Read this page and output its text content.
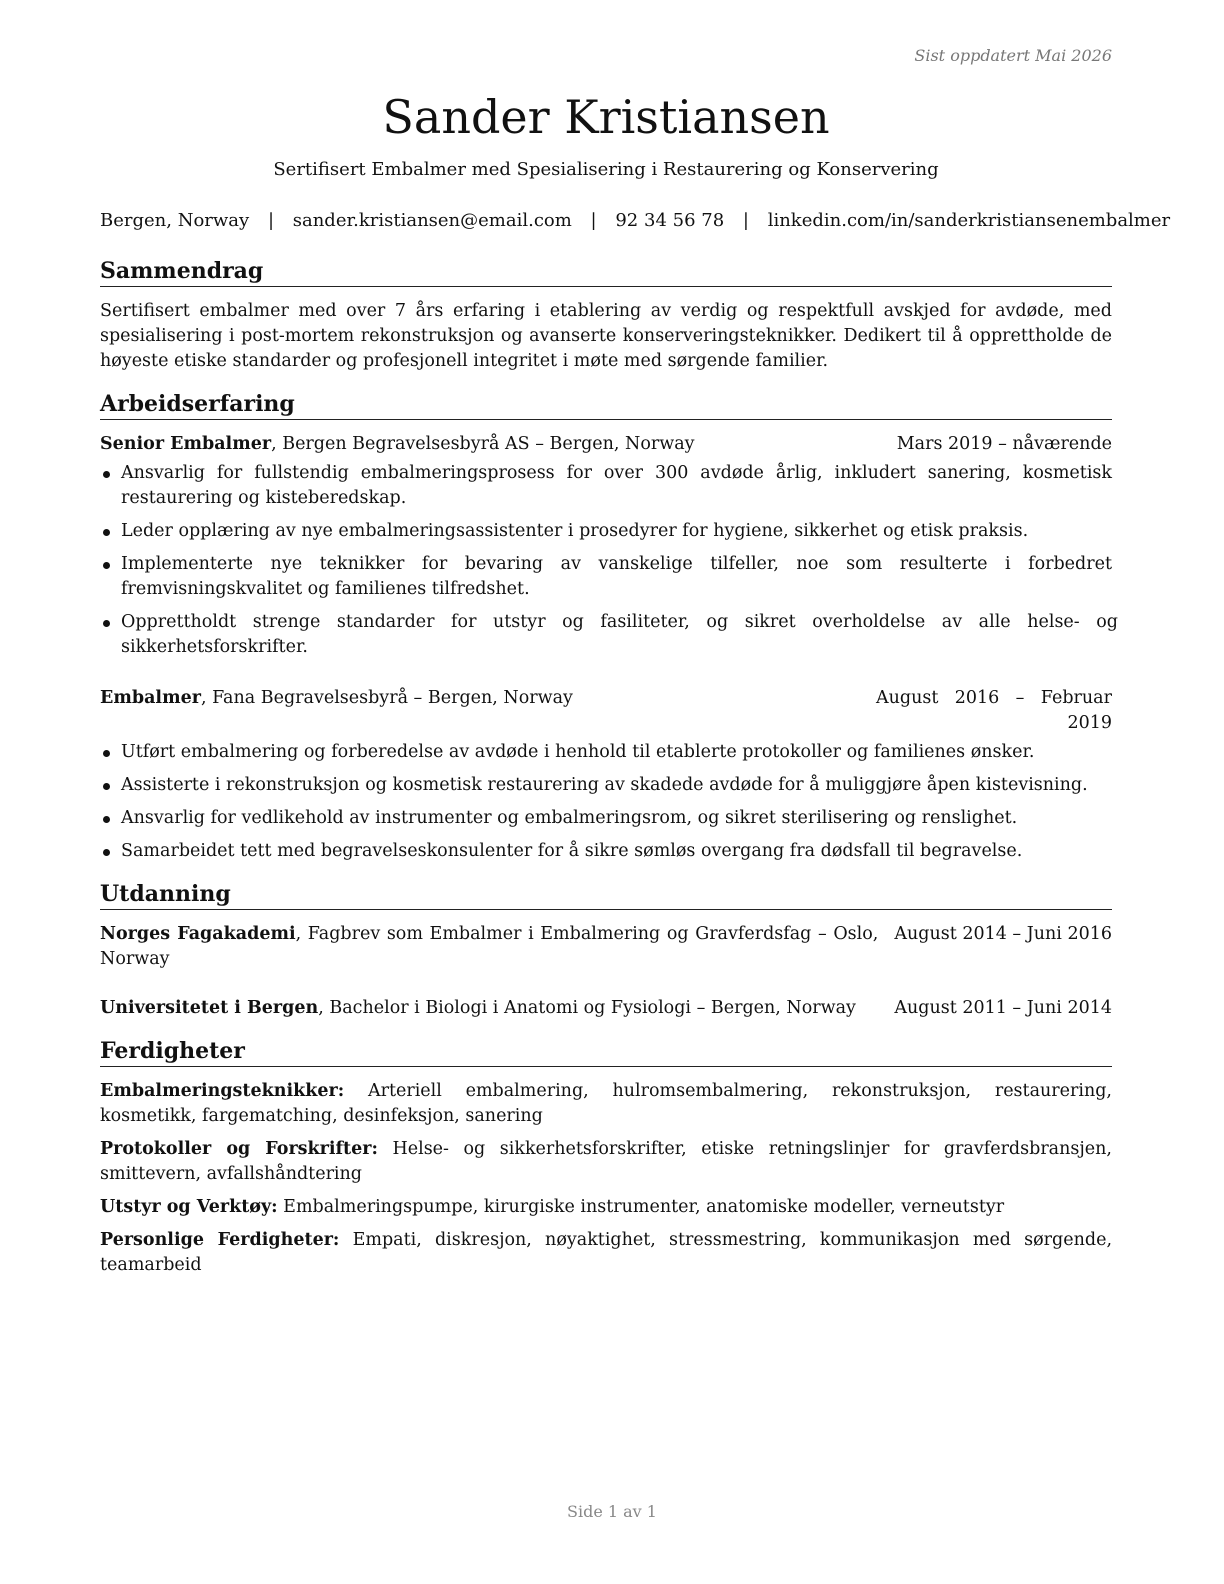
Sist oppdatert Mai 2026
Sander Kristiansen
Sertifisert Embalmer med Spesialisering i Restaurering og Konservering
Bergen, Norway | sander.kristiansen@email.com | 92 34 56 78 | linkedin.com/in/sanderkristiansenembalmer
Sammendrag
Sertifisert embalmer med over 7 års erfaring i etablering av verdig og respektfull avskjed for avdøde, med spesialisering i post-mortem rekonstruksjon og avanserte konserveringsteknikker. Dedikert til å opprettholde de høyeste etiske standarder og profesjonell integritet i møte med sørgende familier.
Arbeidserfaring
Senior Embalmer, Bergen Begravelsesbyrå AS – Bergen, Norway	Mars 2019 – nåværende
Ansvarlig for fullstendig embalmeringsprosess for over 300 avdøde årlig, inkludert sanering, kosmetisk restaurering og kisteberedskap.
Leder opplæring av nye embalmeringsassistenter i prosedyrer for hygiene, sikkerhet og etisk praksis.
Implementerte nye teknikker for bevaring av vanskelige tilfeller, noe som resulterte i forbedret fremvisningskvalitet og familienes tilfredshet.
Opprettholdt strenge standarder for utstyr og fasiliteter, og sikret overholdelse av alle helse- og sikkerhetsforskrifter.
Embalmer, Fana Begravelsesbyrå – Bergen, Norway	August 2016 – Februar 2019
Utført embalmering og forberedelse av avdøde i henhold til etablerte protokoller og familienes ønsker.
Assisterte i rekonstruksjon og kosmetisk restaurering av skadede avdøde for å muliggjøre åpen kistevisning.
Ansvarlig for vedlikehold av instrumenter og embalmeringsrom, og sikret sterilisering og renslighet.
Samarbeidet tett med begravelseskonsulenter for å sikre sømløs overgang fra dødsfall til begravelse.
Utdanning
Norges Fagakademi, Fagbrev som Embalmer i Embalmering og Gravferdsfag – Oslo, Norway
August 2014 – Juni 2016
Universitetet i Bergen, Bachelor i Biologi i Anatomi og Fysiologi – Bergen, Norway	August 2011 – Juni 2014
Ferdigheter
Embalmeringsteknikker: Arteriell embalmering, hulromsembalmering, rekonstruksjon, restaurering, kosmetikk, fargematching, desinfeksjon, sanering
Protokoller og Forskrifter: Helse- og sikkerhetsforskrifter, etiske retningslinjer for gravferdsbransjen, smittevern, avfallshåndtering
Utstyr og Verktøy: Embalmeringspumpe, kirurgiske instrumenter, anatomiske modeller, verneutstyr
Personlige Ferdigheter: Empati, diskresjon, nøyaktighet, stressmestring, kommunikasjon med sørgende, teamarbeid
Side 1 av 1
